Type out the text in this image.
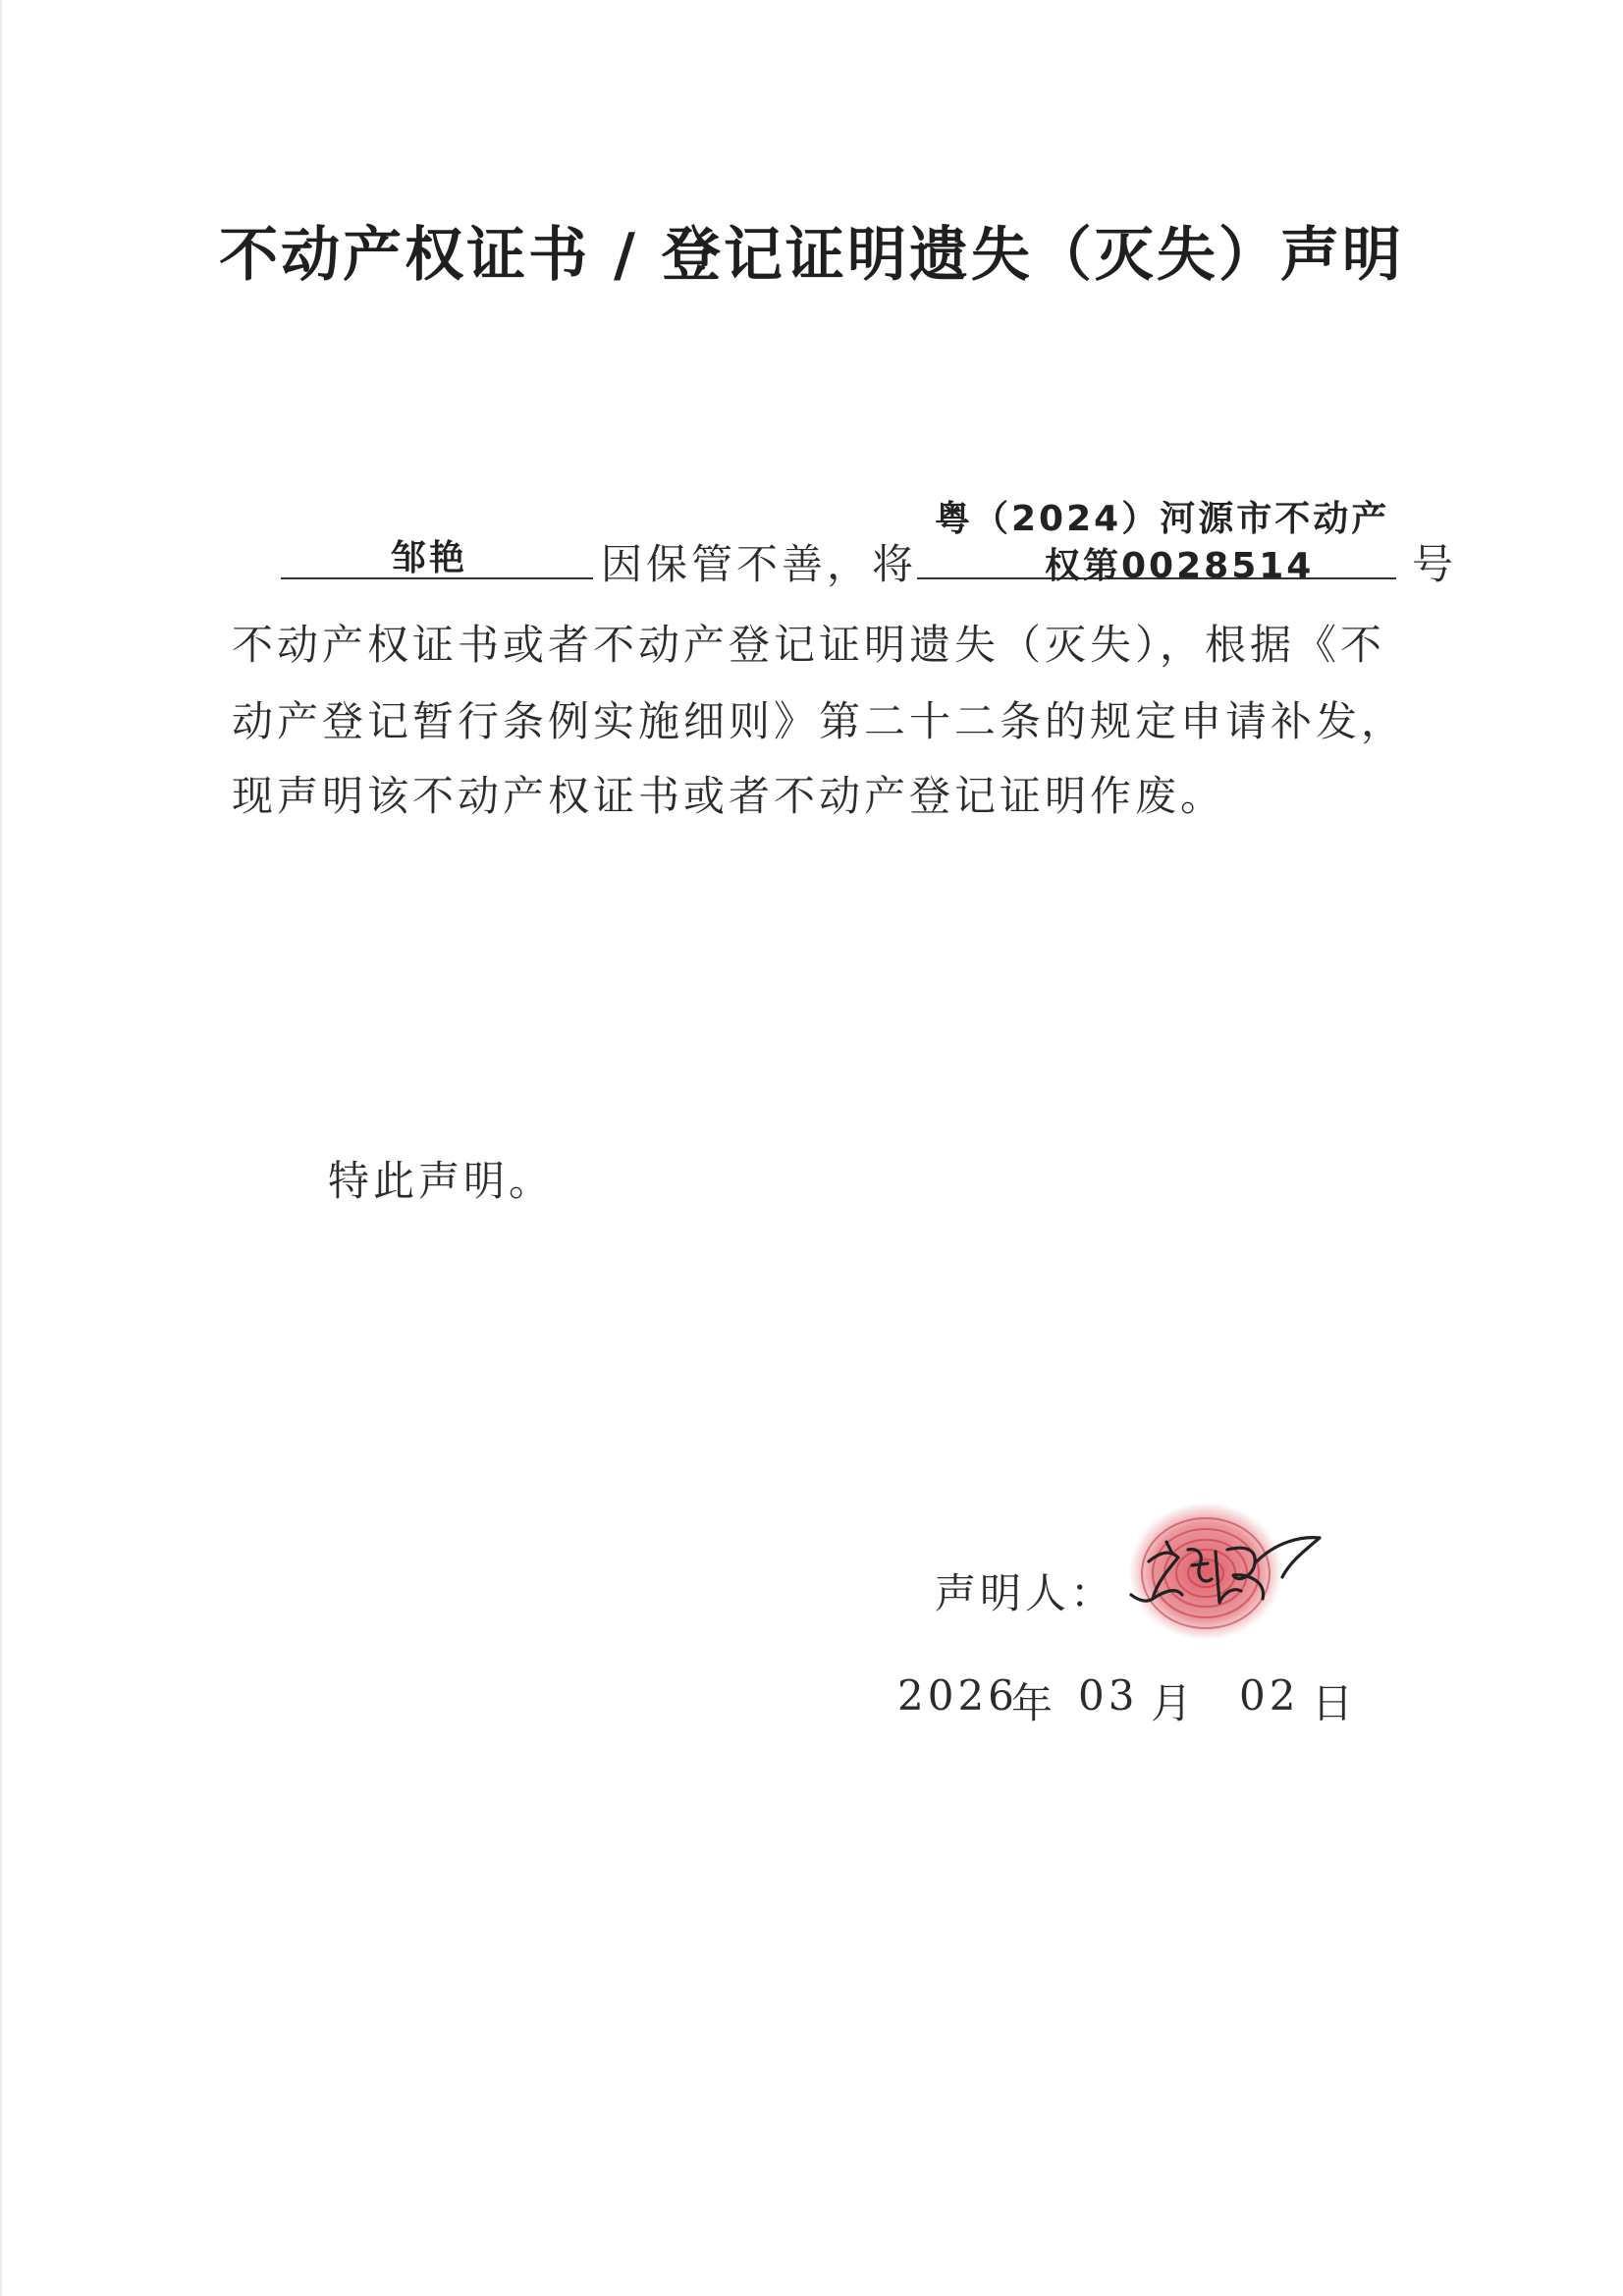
不动产权证书 / 登记证明遗失（灭失）声明
邹艳	因保管不善，将
粤（2024）河源市不动产
权第0028514 号
不动产权证书或者不动产登记证明遗失（灭失），根据《不
动产登记暂行条例实施细则》第二十二条的规定申请补发，
现声明该不动产权证书或者不动产登记证明作废。
特此声明。
声明人：
2026
年 03 月 02 日
